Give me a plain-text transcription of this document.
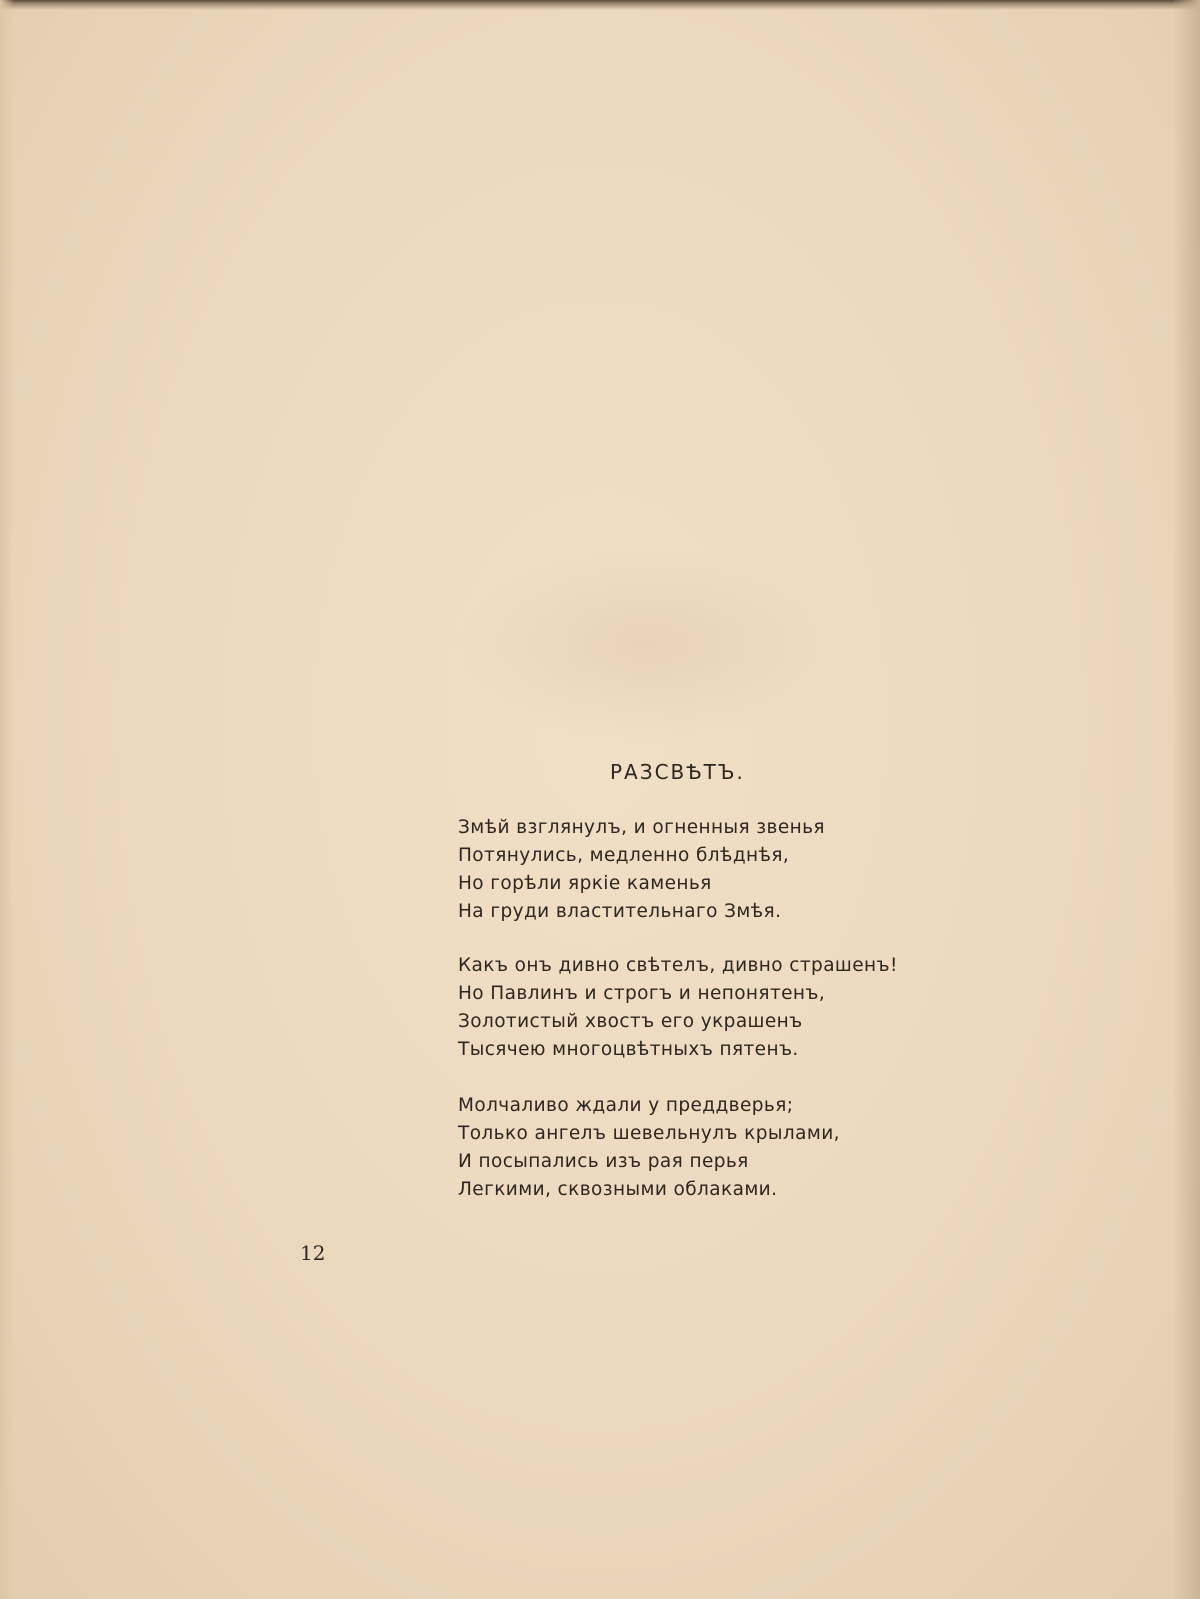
РАЗСВѢТЪ.
Змѣй взглянулъ, и огненныя звенья
Потянулись, медленно блѣднѣя,
Но горѣли яркіе каменья
На груди властительнаго Змѣя.
Какъ онъ дивно свѣтелъ, дивно страшенъ!
Но Павлинъ и строгъ и непонятенъ,
Золотистый хвостъ его украшенъ
Тысячею многоцвѣтныхъ пятенъ.
Молчаливо ждали у преддверья;
Только ангелъ шевельнулъ крылами,
И посыпались изъ рая перья
Легкими, сквозными облаками.
12
